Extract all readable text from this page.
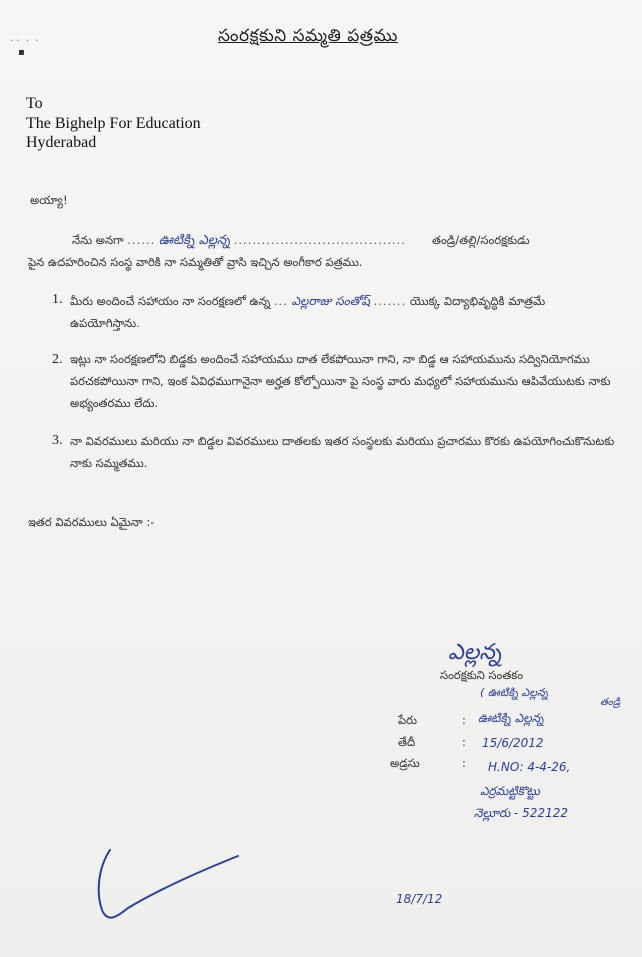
· ·  ·  ·
▪
సంరక్షకుని సమ్మతి పత్రము
To
The Bighelp For Education
Hyderabad
అయ్యా!
నేను అనగా ...... ఊటిక్ని ఎల్లన్న ..................................... తండ్రి/తల్లి/సంరక్షకుడు
పైన ఉదహరించిన సంస్థ వారికి నా సమ్మతితో వ్రాసి ఇచ్చిన అంగీకార పత్రము.
1. మీరు అందించే సహాయం నా సంరక్షణలో ఉన్న ... ఎల్లరాజు సంతోష్ ....... యొక్క విద్యాభివృద్ధికి మాత్రమే ఉపయోగిస్తాను.
2. ఇట్లు నా సంరక్షణలోని బిడ్డకు అందించే సహాయము దాత లేకపోయినా గాని, నా బిడ్డ ఆ సహాయమును సద్వినియోగము పరచకపోయినా గాని, ఇంక ఏవిధముగానైనా అర్హత కోల్పోయినా పై సంస్థ వారు మధ్యలో సహాయమును ఆపివేయుటకు నాకు అభ్యంతరము లేదు.
3. నా వివరములు మరియు నా బిడ్డల వివరములు దాతలకు ఇతర సంస్థలకు మరియు ప్రచారము కొరకు ఉపయోగించుకొనుటకు నాకు సమ్మతము.
ఇతర వివరములు ఏమైనా :-
ఎల్లన్న
సంరక్షకుని సంతకం
( ఊటిక్ని ఎల్లన్న
తండ్రి
పేరు	: ఊటిక్ని ఎల్లన్న
తేదీ	: 15/6/2012
అడ్రసు	: H.NO: 4-4-26,
ఎర్రమట్టికొట్టు
నెల్లూరు - 522122
18/7/12
